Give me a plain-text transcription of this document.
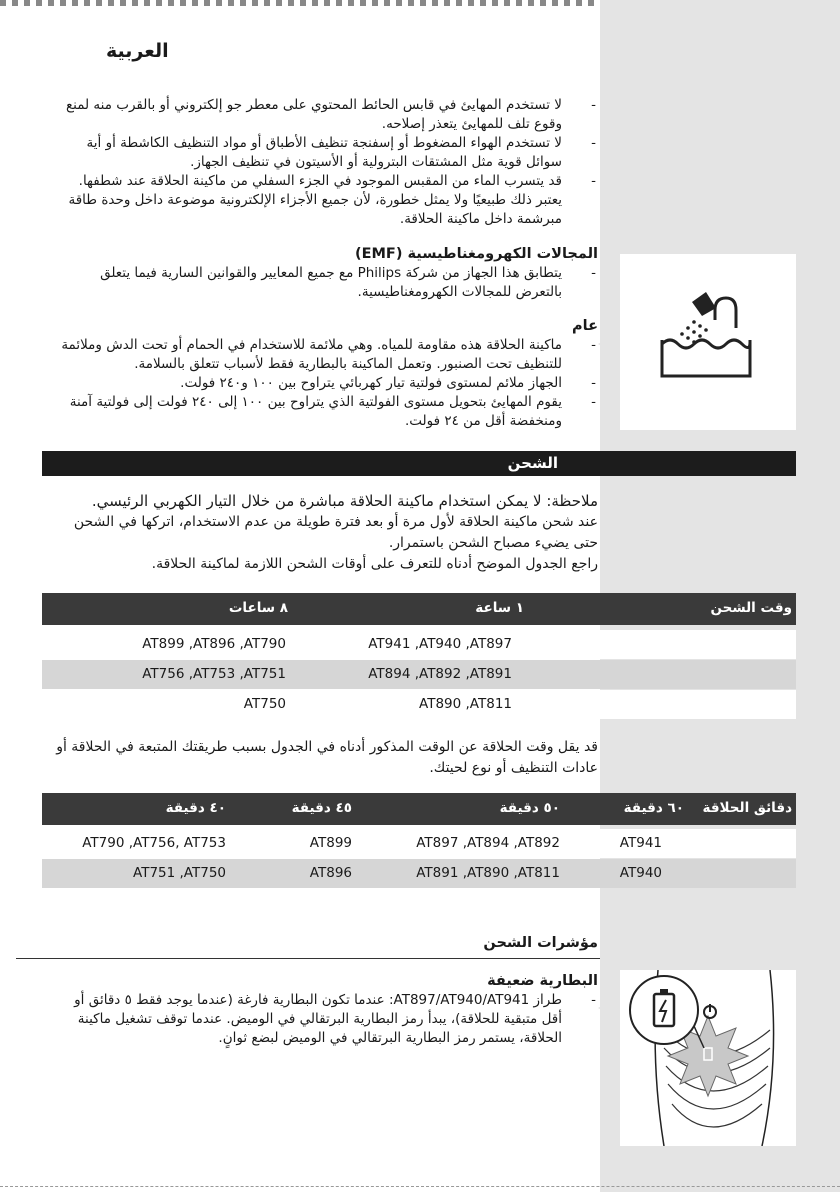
العربية
- لا تستخدم المهايئ في قابس الحائط المحتوي على معطر جو إلكتروني أو بالقرب منه لمنع وقوع تلف للمهايئ يتعذر إصلاحه.
- لا تستخدم الهواء المضغوط أو إسفنجة تنظيف الأطباق أو مواد التنظيف الكاشطة أو أية سوائل قوية مثل المشتقات البترولية أو الأسيتون في تنظيف الجهاز.
- قد يتسرب الماء من المقبس الموجود في الجزء السفلي من ماكينة الحلاقة عند شطفها. يعتبر ذلك طبيعيًا ولا يمثل خطورة، لأن جميع الأجزاء الإلكترونية موضوعة داخل وحدة طاقة مبرشمة داخل ماكينة الحلاقة.
المجالات الكهرومغناطيسية (EMF)
- يتطابق هذا الجهاز من شركة Philips مع جميع المعايير والقوانين السارية فيما يتعلق بالتعرض للمجالات الكهرومغناطيسية.
عام
- ماكينة الحلاقة هذه مقاومة للمياه. وهي ملائمة للاستخدام في الحمام أو تحت الدش وملائمة للتنظيف تحت الصنبور. وتعمل الماكينة بالبطارية فقط لأسباب تتعلق بالسلامة.
- الجهاز ملائم لمستوى فولتية تيار كهربائي يتراوح بين ١٠٠ و٢٤٠ فولت.
- يقوم المهايئ بتحويل مستوى الفولتية الذي يتراوح بين ١٠٠ إلى ٢٤٠ فولت إلى فولتية آمنة ومنخفضة أقل من ٢٤ فولت.
الشحن
ملاحظة: لا يمكن استخدام ماكينة الحلاقة مباشرة من خلال التيار الكهربي الرئيسي.
عند شحن ماكينة الحلاقة لأول مرة أو بعد فترة طويلة من عدم الاستخدام، اتركها في الشحن حتى يضيء مصباح الشحن باستمرار.
راجع الجدول الموضح أدناه للتعرف على أوقات الشحن اللازمة لماكينة الحلاقة.
وقت الشحن
١ ساعة
٨ ساعات
AT941 ,AT940 ,AT897
AT899 ,AT896 ,AT790
AT894 ,AT892 ,AT891
AT756 ,AT753 ,AT751
AT890 ,AT811
AT750
قد يقل وقت الحلاقة عن الوقت المذكور أدناه في الجدول بسبب طريقتك المتبعة في الحلاقة أو عادات التنظيف أو نوع لحيتك.
دقائق الحلاقة
٦٠ دقيقة
٥٠ دقيقة
٤٥ دقيقة
٤٠ دقيقة
AT941
AT897 ,AT894 ,AT892
AT899
AT790 ,AT756, AT753
AT940
AT891 ,AT890 ,AT811
AT896
AT751 ,AT750
مؤشرات الشحن
البطارية ضعيفة
- طراز AT897/AT940/AT941: عندما تكون البطارية فارغة (عندما يوجد فقط ٥ دقائق أو أقل متبقية للحلاقة)، يبدأ رمز البطارية البرتقالي في الوميض. عندما توقف تشغيل ماكينة الحلاقة، يستمر رمز البطارية البرتقالي في الوميض لبضع ثوانٍ.
